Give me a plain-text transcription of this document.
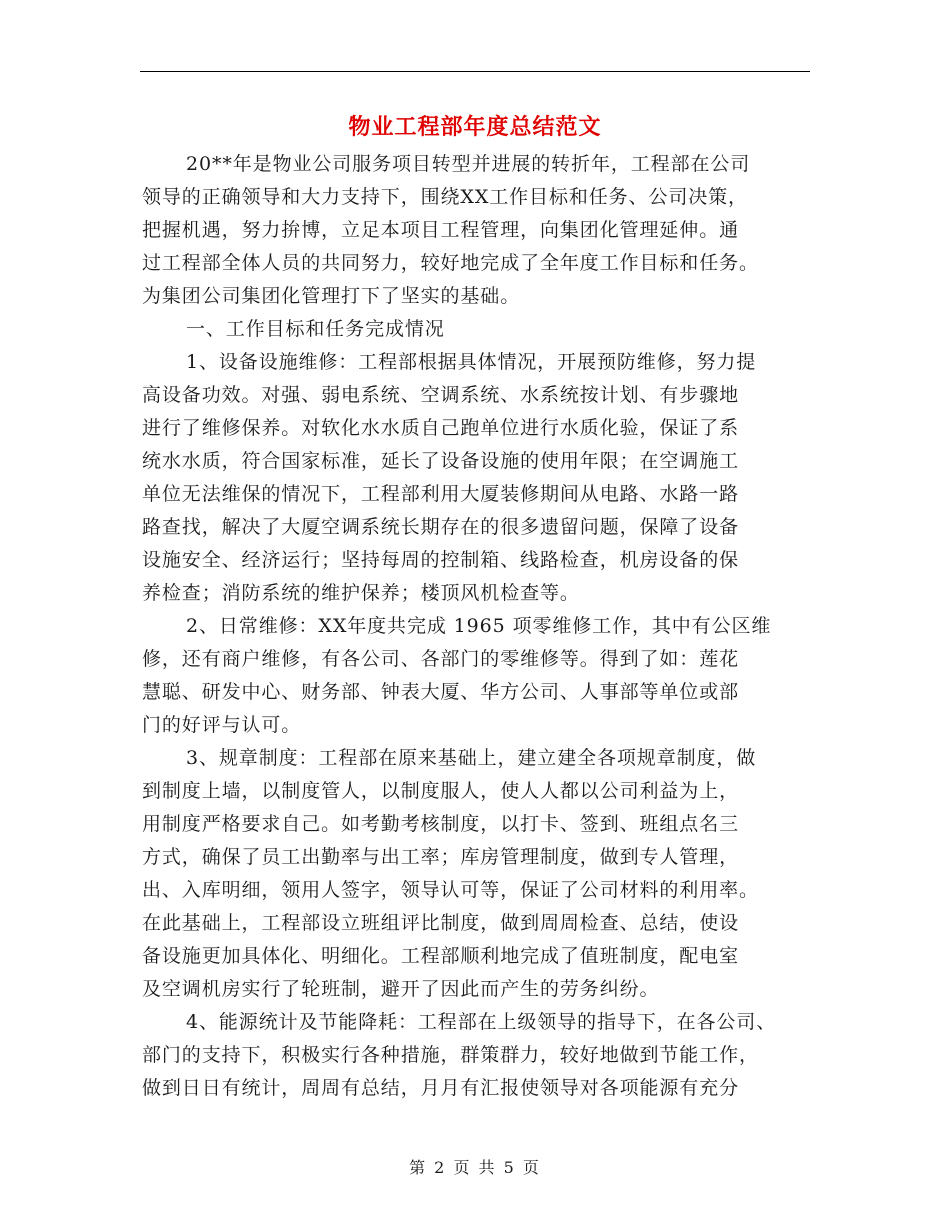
物业工程部年度总结范文
20**年是物业公司服务项目转型并进展的转折年，工程部在公司
领导的正确领导和大力支持下，围绕XX工作目标和任务、公司决策，
把握机遇，努力拚博，立足本项目工程管理，向集团化管理延伸。通
过工程部全体人员的共同努力，较好地完成了全年度工作目标和任务。
为集团公司集团化管理打下了坚实的基础。
一、工作目标和任务完成情况
1、设备设施维修：工程部根据具体情况，开展预防维修，努力提
高设备功效。对强、弱电系统、空调系统、水系统按计划、有步骤地
进行了维修保养。对软化水水质自己跑单位进行水质化验，保证了系
统水水质，符合国家标准，延长了设备设施的使用年限；在空调施工
单位无法维保的情况下，工程部利用大厦装修期间从电路、水路一路
路查找，解决了大厦空调系统长期存在的很多遗留问题，保障了设备
设施安全、经济运行；坚持每周的控制箱、线路检查，机房设备的保
养检查；消防系统的维护保养；楼顶风机检查等。
2、日常维修：XX年度共完成 1965 项零维修工作，其中有公区维
修，还有商户维修，有各公司、各部门的零维修等。得到了如：莲花
慧聪、研发中心、财务部、钟表大厦、华方公司、人事部等单位或部
门的好评与认可。
3、规章制度：工程部在原来基础上，建立建全各项规章制度，做
到制度上墙，以制度管人，以制度服人，使人人都以公司利益为上，
用制度严格要求自己。如考勤考核制度，以打卡、签到、班组点名三
方式，确保了员工出勤率与出工率；库房管理制度，做到专人管理，
出、入库明细，领用人签字，领导认可等，保证了公司材料的利用率。
在此基础上，工程部设立班组评比制度，做到周周检查、总结，使设
备设施更加具体化、明细化。工程部顺利地完成了值班制度，配电室
及空调机房实行了轮班制，避开了因此而产生的劳务纠纷。
4、能源统计及节能降耗：工程部在上级领导的指导下，在各公司、
部门的支持下，积极实行各种措施，群策群力，较好地做到节能工作，
做到日日有统计，周周有总结，月月有汇报使领导对各项能源有充分
第 2 页 共 5 页
